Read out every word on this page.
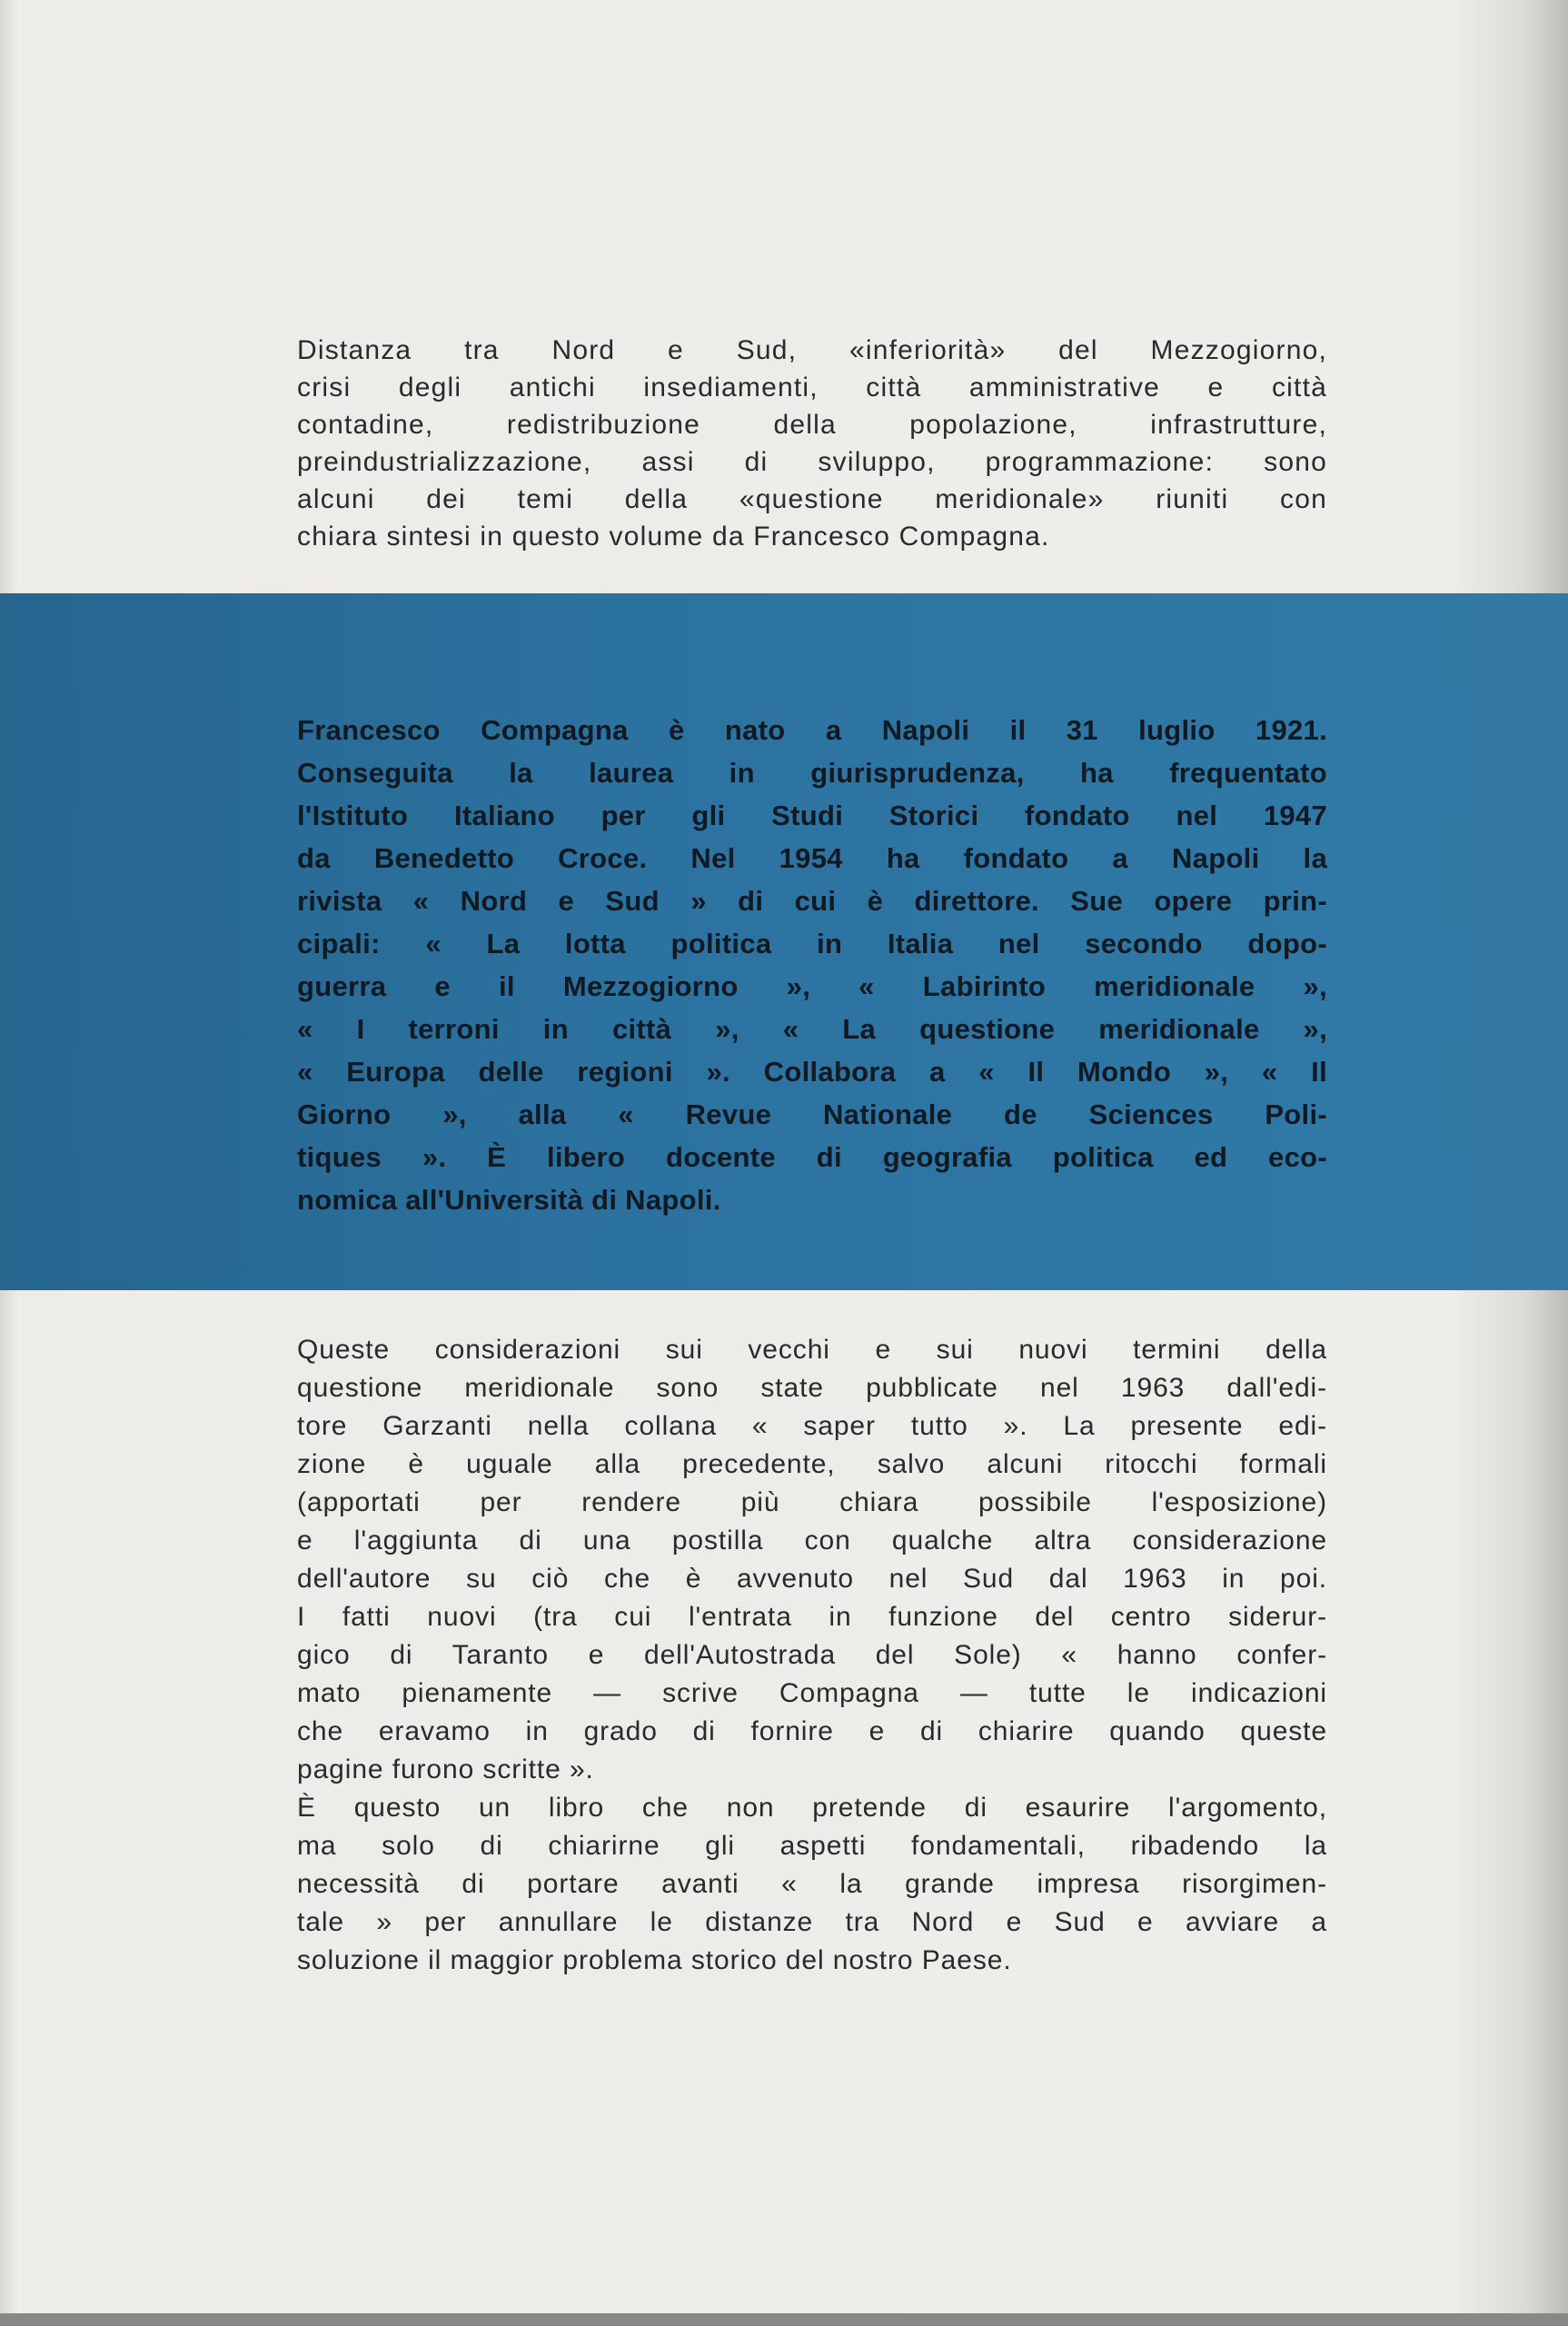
Distanza tra Nord e Sud, «inferiorità» del Mezzogiorno,
crisi degli antichi insediamenti, città amministrative e città
contadine, redistribuzione della popolazione, infrastrutture,
preindustrializzazione, assi di sviluppo, programmazione: sono
alcuni dei temi della «questione meridionale» riuniti con
chiara sintesi in questo volume da Francesco Compagna.
Francesco Compagna è nato a Napoli il 31 luglio 1921.
Conseguita la laurea in giurisprudenza, ha frequentato
l'Istituto Italiano per gli Studi Storici fondato nel 1947
da Benedetto Croce. Nel 1954 ha fondato a Napoli la
rivista « Nord e Sud » di cui è direttore. Sue opere prin-
cipali: « La lotta politica in Italia nel secondo dopo-
guerra e il Mezzogiorno », « Labirinto meridionale »,
« I terroni in città », « La questione meridionale »,
« Europa delle regioni ». Collabora a « Il Mondo », « Il
Giorno », alla « Revue Nationale de Sciences Poli-
tiques ». È libero docente di geografia politica ed eco-
nomica all'Università di Napoli.
Queste considerazioni sui vecchi e sui nuovi termini della
questione meridionale sono state pubblicate nel 1963 dall'edi-
tore Garzanti nella collana « saper tutto ». La presente edi-
zione è uguale alla precedente, salvo alcuni ritocchi formali
(apportati per rendere più chiara possibile l'esposizione)
e l'aggiunta di una postilla con qualche altra considerazione
dell'autore su ciò che è avvenuto nel Sud dal 1963 in poi.
I fatti nuovi (tra cui l'entrata in funzione del centro siderur-
gico di Taranto e dell'Autostrada del Sole) « hanno confer-
mato pienamente — scrive Compagna — tutte le indicazioni
che eravamo in grado di fornire e di chiarire quando queste
pagine furono scritte ».
È questo un libro che non pretende di esaurire l'argomento,
ma solo di chiarirne gli aspetti fondamentali, ribadendo la
necessità di portare avanti « la grande impresa risorgimen-
tale » per annullare le distanze tra Nord e Sud e avviare a
soluzione il maggior problema storico del nostro Paese.
